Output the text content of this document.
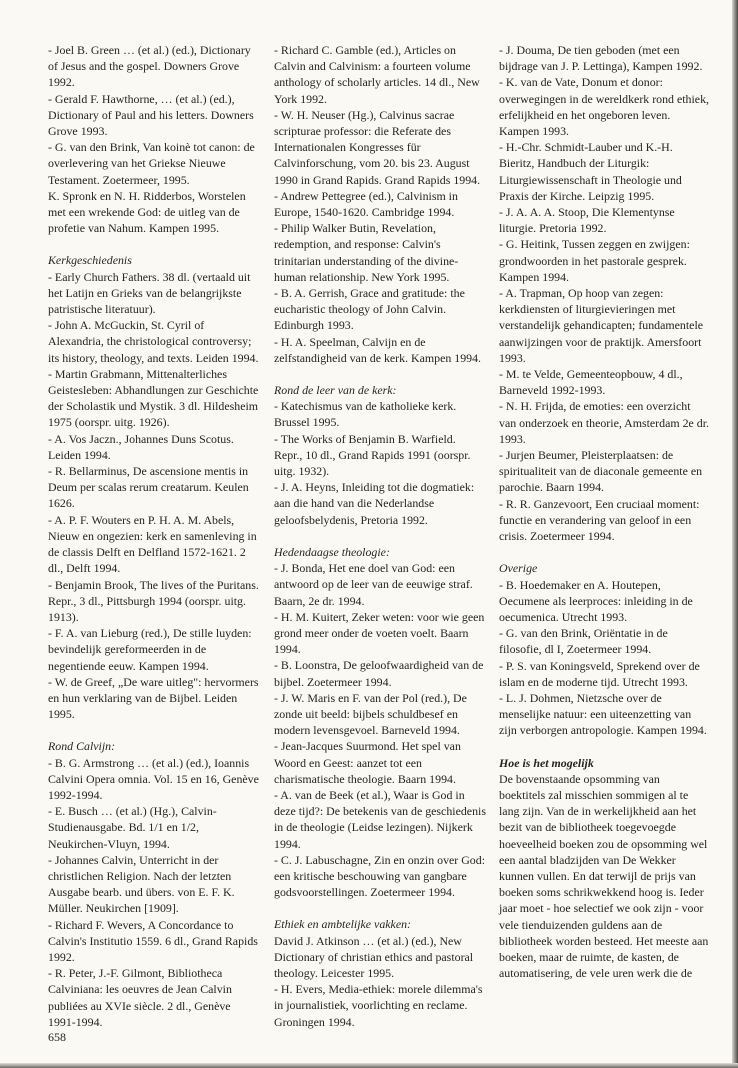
- Joel B. Green … (et al.) (ed.), Dictionary of Jesus and the gospel. Downers Grove 1992.

- Gerald F. Hawthorne, … (et al.) (ed.), Dictionary of Paul and his letters. Downers Grove 1993.

- G. van den Brink, Van koinè tot canon: de overlevering van het Griekse Nieuwe Testament. Zoetermeer, 1995.

K. Spronk en N. H. Ridderbos, Worstelen met een wrekende God: de uitleg van de profetie van Nahum. Kampen 1995.

Kerkgeschiedenis

- Early Church Fathers. 38 dl. (vertaald uit het Latijn en Grieks van de belangrijkste patristische literatuur).

- John A. McGuckin, St. Cyril of Alexandria, the christological controversy; its history, theology, and texts. Leiden 1994.

- Martin Grabmann, Mittenalterliches Geistesleben: Abhandlungen zur Geschichte der Scholastik und Mystik. 3 dl. Hildesheim 1975 (oorspr. uitg. 1926).

- A. Vos Jaczn., Johannes Duns Scotus. Leiden 1994.

- R. Bellarminus, De ascensione mentis in Deum per scalas rerum creatarum. Keulen 1626.

- A. P. F. Wouters en P. H. A. M. Abels, Nieuw en ongezien: kerk en samenleving in de classis Delft en Delfland 1572-1621. 2 dl., Delft 1994.

- Benjamin Brook, The lives of the Puritans. Repr., 3 dl., Pittsburgh 1994 (oorspr. uitg. 1913).

- F. A. van Lieburg (red.), De stille luyden: bevindelijk gereformeerden in de negentiende eeuw. Kampen 1994.

- W. de Greef, „De ware uitleg": hervormers en hun verklaring van de Bijbel. Leiden 1995.

Rond Calvijn:

- B. G. Armstrong … (et al.) (ed.), Ioannis Calvini Opera omnia. Vol. 15 en 16, Genève 1992-1994.

- E. Busch … (et al.) (Hg.), Calvin-Studienausgabe. Bd. 1/1 en 1/2, Neukirchen-Vluyn, 1994.

- Johannes Calvin, Unterricht in der christlichen Religion. Nach der letzten Ausgabe bearb. und übers. von E. F. K. Müller. Neukirchen [1909].

- Richard F. Wevers, A Concordance to Calvin's Institutio 1559. 6 dl., Grand Rapids 1992.

- R. Peter, J.-F. Gilmont, Bibliotheca Calviniana: les oeuvres de Jean Calvin publiées au XVIe siècle. 2 dl., Genève 1991-1994.

- Richard C. Gamble (ed.), Articles on Calvin and Calvinism: a fourteen volume anthology of scholarly articles. 14 dl., New York 1992.

- W. H. Neuser (Hg.), Calvinus sacrae scripturae professor: die Referate des Internationalen Kongresses für Calvinforschung, vom 20. bis 23. August 1990 in Grand Rapids. Grand Rapids 1994.

- Andrew Pettegree (ed.), Calvinism in Europe, 1540-1620. Cambridge 1994.

- Philip Walker Butin, Revelation, redemption, and response: Calvin's trinitarian understanding of the divine-human relationship. New York 1995.

- B. A. Gerrish, Grace and gratitude: the eucharistic theology of John Calvin. Edinburgh 1993.

- H. A. Speelman, Calvijn en de zelfstandigheid van de kerk. Kampen 1994.

Rond de leer van de kerk:

- Katechismus van de katholieke kerk. Brussel 1995.

- The Works of Benjamin B. Warfield. Repr., 10 dl., Grand Rapids 1991 (oorspr. uitg. 1932).

- J. A. Heyns, Inleiding tot die dogmatiek: aan die hand van die Nederlandse geloofsbelydenis, Pretoria 1992.

Hedendaagse theologie:

- J. Bonda, Het ene doel van God: een antwoord op de leer van de eeuwige straf. Baarn, 2e dr. 1994.

- H. M. Kuitert, Zeker weten: voor wie geen grond meer onder de voeten voelt. Baarn 1994.

- B. Loonstra, De geloofwaardigheid van de bijbel. Zoetermeer 1994.

- J. W. Maris en F. van der Pol (red.), De zonde uit beeld: bijbels schuldbesef en modern levensgevoel. Barneveld 1994.

- Jean-Jacques Suurmond. Het spel van Woord en Geest: aanzet tot een charismatische theologie. Baarn 1994.

- A. van de Beek (et al.), Waar is God in deze tijd?: De betekenis van de geschiedenis in de theologie (Leidse lezingen). Nijkerk 1994.

- C. J. Labuschagne, Zin en onzin over God: een kritische beschouwing van gangbare godsvoorstellingen. Zoetermeer 1994.

Ethiek en ambtelijke vakken:

David J. Atkinson … (et al.) (ed.), New Dictionary of christian ethics and pastoral theology. Leicester 1995.

- H. Evers, Media-ethiek: morele dilemma's in journalistiek, voorlichting en reclame. Groningen 1994.

- J. Douma, De tien geboden (met een bijdrage van J. P. Lettinga), Kampen 1992.

- K. van de Vate, Donum et donor: overwegingen in de wereldkerk rond ethiek, erfelijkheid en het ongeboren leven. Kampen 1993.

- H.-Chr. Schmidt-Lauber und K.-H. Bieritz, Handbuch der Liturgik: Liturgiewissenschaft in Theologie und Praxis der Kirche. Leipzig 1995.

- J. A. A. A. Stoop, Die Klementynse liturgie. Pretoria 1992.

- G. Heitink, Tussen zeggen en zwijgen: grondwoorden in het pastorale gesprek. Kampen 1994.

- A. Trapman, Op hoop van zegen: kerkdiensten of liturgievieringen met verstandelijk gehandicapten; fundamentele aanwijzingen voor de praktijk. Amersfoort 1993.

- M. te Velde, Gemeenteopbouw, 4 dl., Barneveld 1992-1993.

- N. H. Frijda, de emoties: een overzicht van onderzoek en theorie, Amsterdam 2e dr. 1993.

- Jurjen Beumer, Pleisterplaatsen: de spiritualiteit van de diaconale gemeente en parochie. Baarn 1994.

- R. R. Ganzevoort, Een cruciaal moment: functie en verandering van geloof in een crisis. Zoetermeer 1994.

Overige

- B. Hoedemaker en A. Houtepen, Oecumene als leerproces: inleiding in de oecumenica. Utrecht 1993.

- G. van den Brink, Oriëntatie in de filosofie, dl I, Zoetermeer 1994.

- P. S. van Koningsveld, Sprekend over de islam en de moderne tijd. Utrecht 1993.

- L. J. Dohmen, Nietzsche over de menselijke natuur: een uiteenzetting van zijn verborgen antropologie. Kampen 1994.

Hoe is het mogelijk

De bovenstaande opsomming van boektitels zal misschien sommigen al te lang zijn. Van de in werkelijkheid aan het bezit van de bibliotheek toegevoegde hoeveelheid boeken zou de opsomming wel een aantal bladzijden van De Wekker kunnen vullen. En dat terwijl de prijs van boeken soms schrikwekkend hoog is. Ieder jaar moet - hoe selectief we ook zijn - voor vele tienduizenden guldens aan de bibliotheek worden besteed. Het meeste aan boeken, maar de ruimte, de kasten, de automatisering, de vele uren werk die de

658
